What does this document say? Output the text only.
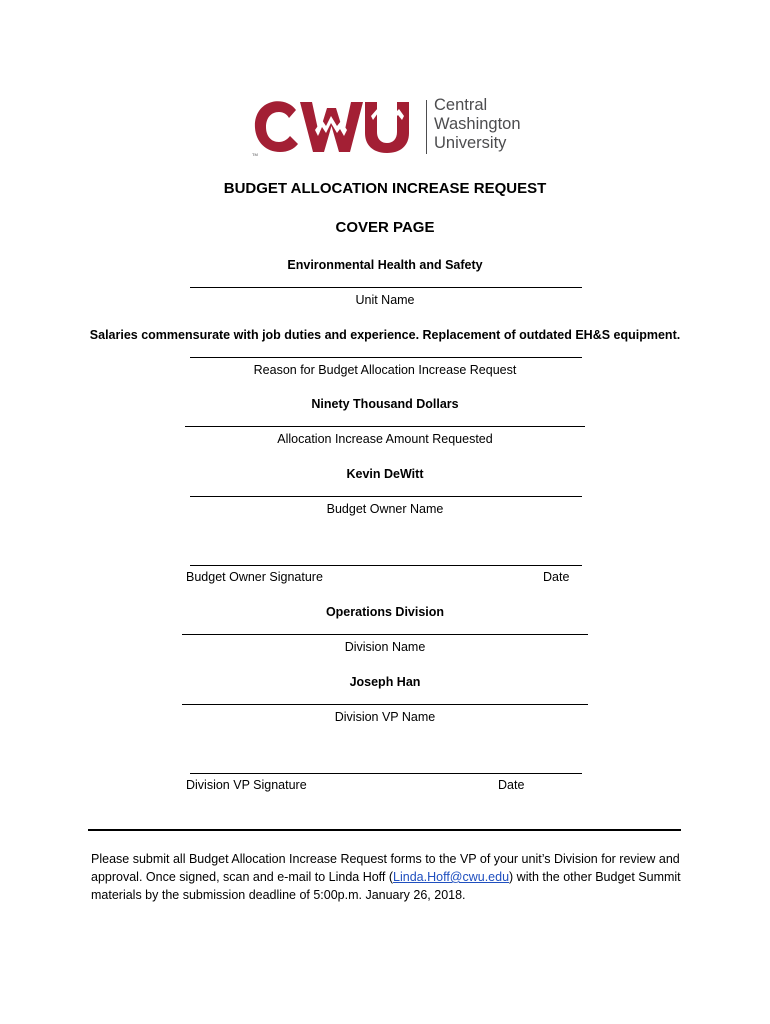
TM
Central
Washington
University
BUDGET ALLOCATION INCREASE REQUEST
COVER PAGE
Environmental Health and Safety
Unit Name
Salaries commensurate with job duties and experience. Replacement of outdated EH&S equipment.
Reason for Budget Allocation Increase Request
Ninety Thousand Dollars
Allocation Increase Amount Requested
Kevin DeWitt
Budget Owner Name
Budget Owner Signature	Date
Operations Division
Division Name
Joseph Han
Division VP Name
Division VP Signature	Date
Please submit all Budget Allocation Increase Request forms to the VP of your unit’s Division for review and approval. Once signed, scan and e-mail to Linda Hoff (Linda.Hoff@cwu.edu) with the other Budget Summit materials by the submission deadline of 5:00p.m. January 26, 2018.
